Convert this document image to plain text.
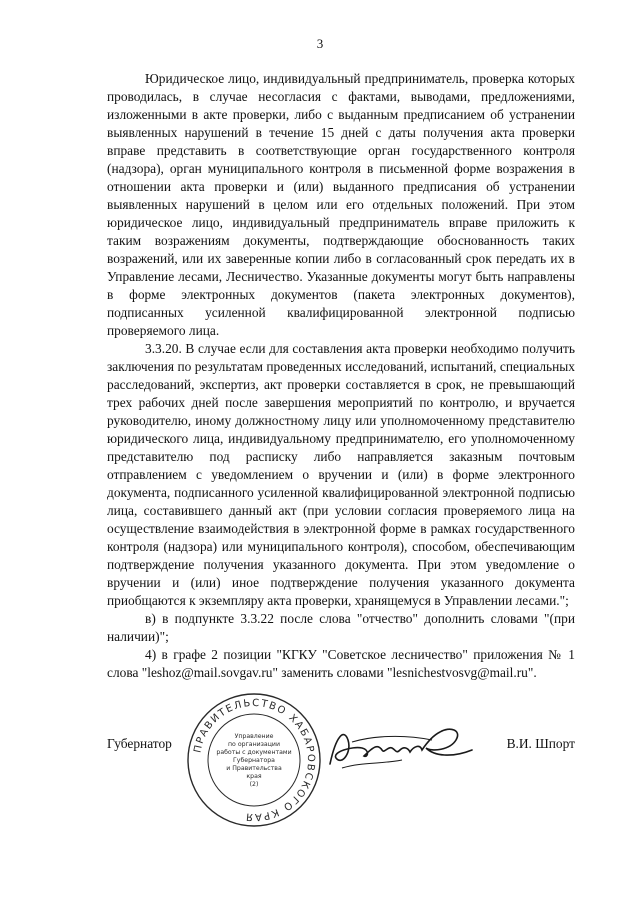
3

Юридическое лицо, индивидуальный предприниматель, проверка которых проводилась, в случае несогласия с фактами, выводами, предложениями, изложенными в акте проверки, либо с выданным предписанием об устранении выявленных нарушений в течение 15 дней с даты получения акта проверки вправе представить в соответствующие орган государственного контроля (надзора), орган муниципального контроля в письменной форме возражения в отношении акта проверки и (или) выданного предписания об устранении выявленных нарушений в целом или его отдельных положений. При этом юридическое лицо, индивидуальный предприниматель вправе приложить к таким возражениям документы, подтверждающие обоснованность таких возражений, или их заверенные копии либо в согласованный срок передать их в Управление лесами, Лесничество. Указанные документы могут быть направлены в форме электронных документов (пакета электронных документов), подписанных усиленной квалифицированной электронной подписью проверяемого лица.

3.3.20. В случае если для составления акта проверки необходимо получить заключения по результатам проведенных исследований, испытаний, специальных расследований, экспертиз, акт проверки составляется в срок, не превышающий трех рабочих дней после завершения мероприятий по контролю, и вручается руководителю, иному должностному лицу или уполномоченному представителю юридического лица, индивидуальному предпринимателю, его уполномоченному представителю под расписку либо направляется заказным почтовым отправлением с уведомлением о вручении и (или) в форме электронного документа, подписанного усиленной квалифицированной электронной подписью лица, составившего данный акт (при условии согласия проверяемого лица на осуществление взаимодействия в электронной форме в рамках государственного контроля (надзора) или муниципального контроля), способом, обеспечивающим подтверждение получения указанного документа. При этом уведомление о вручении и (или) иное подтверждение получения указанного документа приобщаются к экземпляру акта проверки, хранящемуся в Управлении лесами.";

в) в подпункте 3.3.22 после слова "отчество" дополнить словами "(при наличии)";

4) в графе 2 позиции "КГКУ "Советское лесничество" приложения № 1 слова "leshoz@mail.sovgav.ru" заменить словами "lesnichestvosvg@mail.ru".

Губернатор	В.И. Шпорт
ПРАВИТЕЛЬСТВО ХАБАРОВСКОГО КРАЯ
Управление
по организации
работы с документами
Губернатора
и Правительства
края
(2)
